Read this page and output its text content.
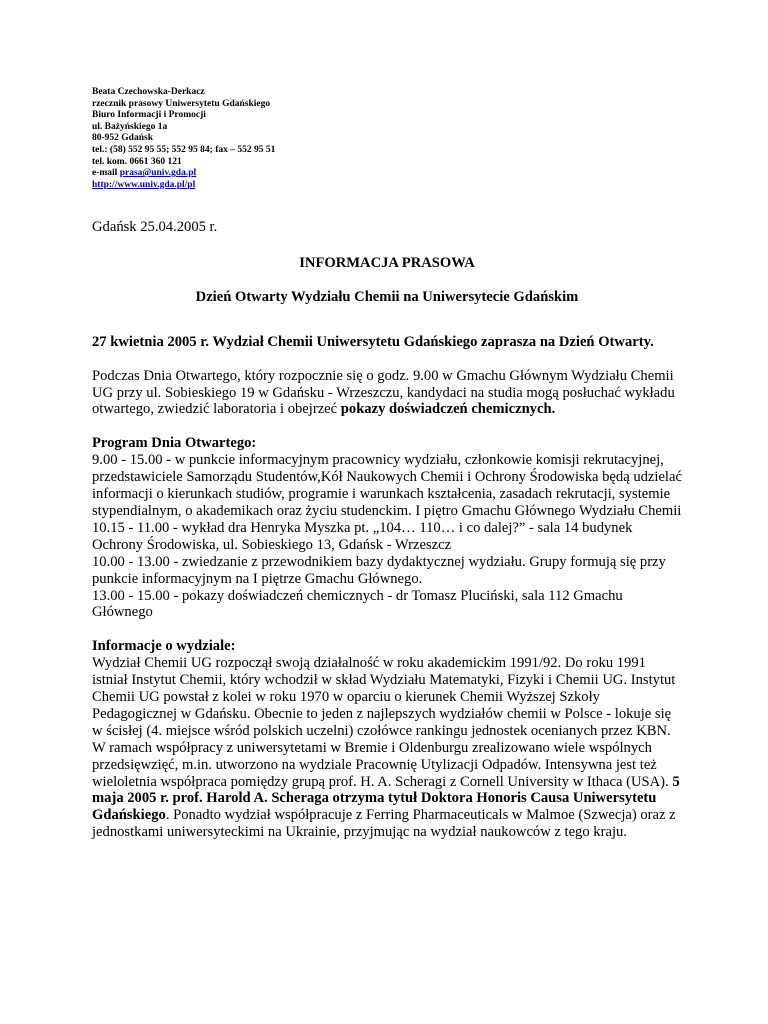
Beata Czechowska-Derkacz
rzecznik prasowy Uniwersytetu Gdańskiego
Biuro Informacji i Promocji
ul. Bażyńskiego 1a
80-952 Gdańsk
tel.: (58) 552 95 55; 552 95 84; fax – 552 95 51
tel. kom. 0661 360 121
e-mail prasa@univ.gda.pl
http://www.univ.gda.pl/pl

Gdańsk 25.04.2005 r.

INFORMACJA PRASOWA

Dzień Otwarty Wydziału Chemii na Uniwersytecie Gdańskim

27 kwietnia 2005 r. Wydział Chemii Uniwersytetu Gdańskiego zaprasza na Dzień Otwarty.

Podczas Dnia Otwartego, który rozpocznie się o godz. 9.00 w Gmachu Głównym Wydziału Chemii UG przy ul. Sobieskiego 19 w Gdańsku - Wrzeszczu, kandydaci na studia mogą posłuchać wykładu otwartego, zwiedzić laboratoria i obejrzeć pokazy doświadczeń chemicznych.

Program Dnia Otwartego:

9.00 - 15.00 - w punkcie informacyjnym pracownicy wydziału, członkowie komisji rekrutacyjnej, przedstawiciele Samorządu Studentów,Kół Naukowych Chemii i Ochrony Środowiska będą udzielać informacji o kierunkach studiów, programie i warunkach kształcenia, zasadach rekrutacji, systemie stypendialnym, o akademikach oraz życiu studenckim. I piętro Gmachu Głównego Wydziału Chemii

10.15 - 11.00 - wykład dra Henryka Myszka pt. „104… 110… i co dalej?” - sala 14 budynek Ochrony Środowiska, ul. Sobieskiego 13, Gdańsk - Wrzeszcz

10.00 - 13.00 - zwiedzanie z przewodnikiem bazy dydaktycznej wydziału. Grupy formują się przy punkcie informacyjnym na I piętrze Gmachu Głównego.

13.00 - 15.00 - pokazy doświadczeń chemicznych - dr Tomasz Pluciński, sala 112 Gmachu Głównego

Informacje o wydziale:

Wydział Chemii UG rozpoczął swoją działalność w roku akademickim 1991/92. Do roku 1991 istniał Instytut Chemii, który wchodził w skład Wydziału Matematyki, Fizyki i Chemii UG. Instytut Chemii UG powstał z kolei w roku 1970 w oparciu o kierunek Chemii Wyższej Szkoły Pedagogicznej w Gdańsku. Obecnie to jeden z najlepszych wydziałów chemii w Polsce - lokuje się w ścisłej (4. miejsce wśród polskich uczelni) czołówce rankingu jednostek ocenianych przez KBN. W ramach współpracy z uniwersytetami w Bremie i Oldenburgu zrealizowano wiele wspólnych przedsięwzięć, m.in. utworzono na wydziale Pracownię Utylizacji Odpadów. Intensywna jest też wieloletnia współpraca pomiędzy grupą prof. H. A. Scheragi z Cornell University w Ithaca (USA). 5 maja 2005 r. prof. Harold A. Scheraga otrzyma tytuł Doktora Honoris Causa Uniwersytetu Gdańskiego. Ponadto wydział współpracuje z Ferring Pharmaceuticals w Malmoe (Szwecja) oraz z jednostkami uniwersyteckimi na Ukrainie, przyjmując na wydział naukowców z tego kraju.
